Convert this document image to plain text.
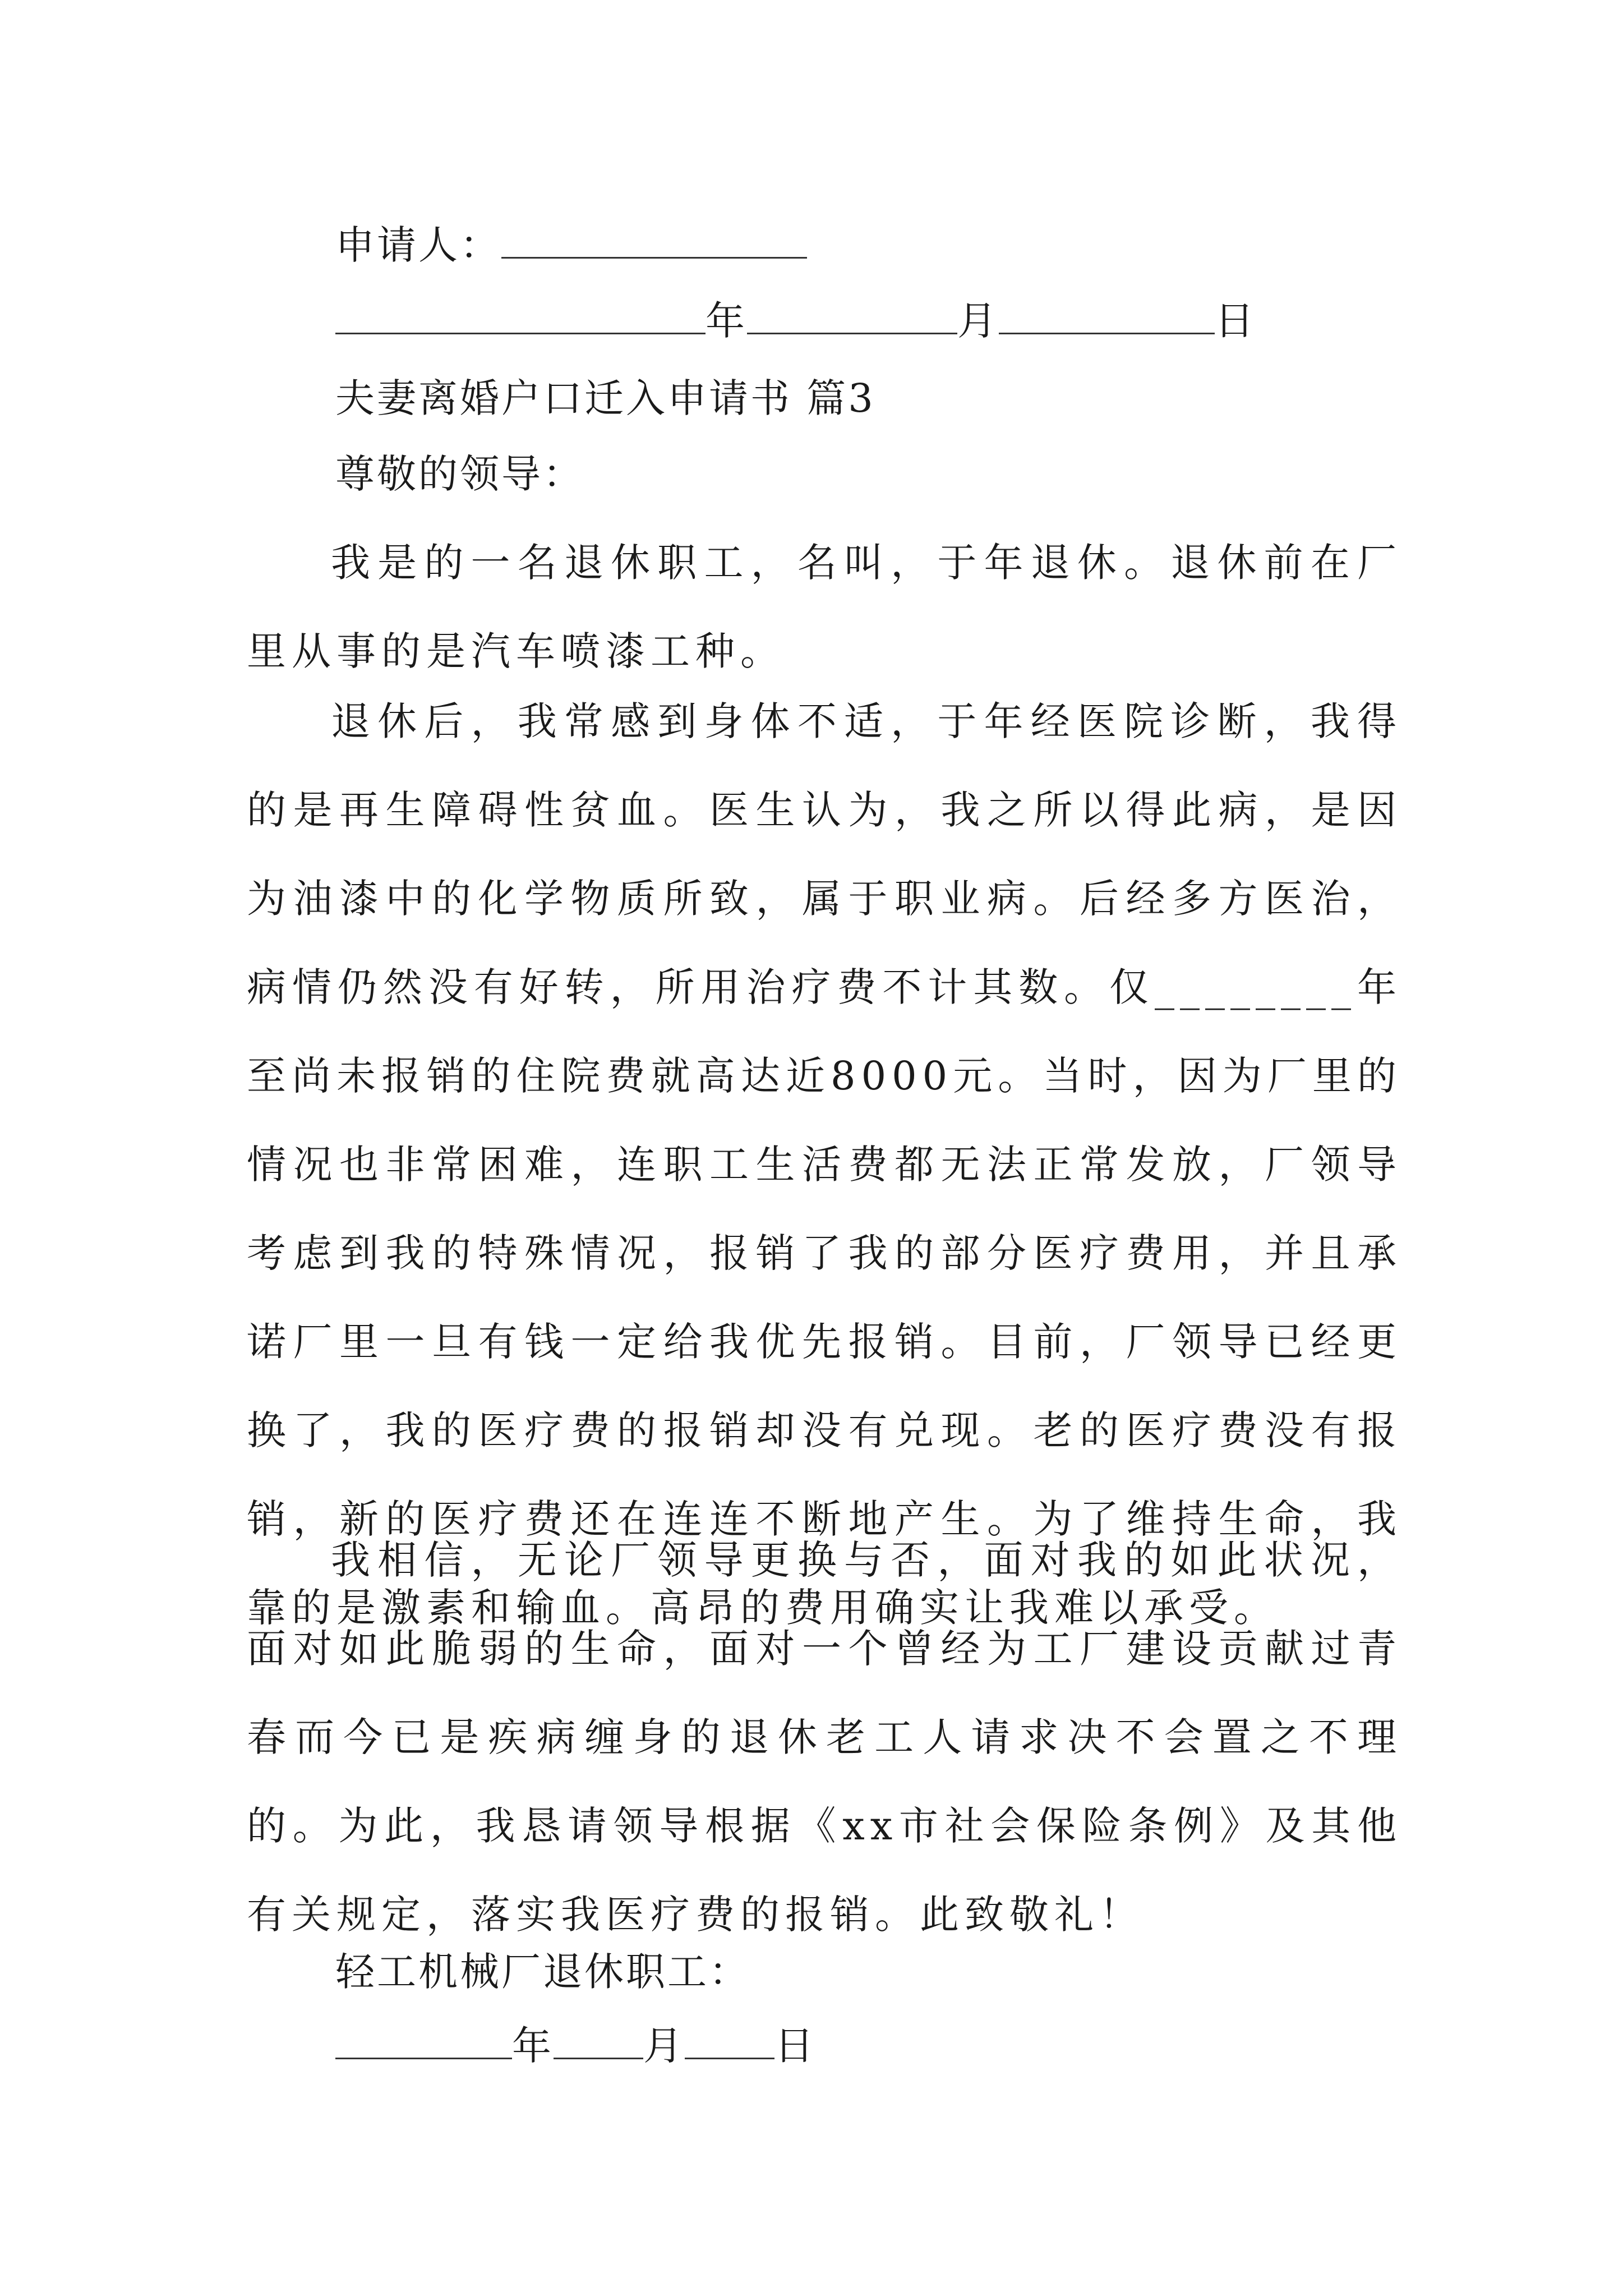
申请人：
年	月	日
夫妻离婚户口迁入申请书 篇3
尊敬的领导：

我是的一名退休职工，名叫，于年退休。退休前在厂里从事的是汽车喷漆工种。

退休后，我常感到身体不适，于年经医院诊断，我得的是再生障碍性贫血。医生认为，我之所以得此病，是因为油漆中的化学物质所致，属于职业病。后经多方医治，病情仍然没有好转，所用治疗费不计其数。仅________年至尚未报销的住院费就高达近8000元。当时，因为厂里的情况也非常困难，连职工生活费都无法正常发放，厂领导考虑到我的特殊情况，报销了我的部分医疗费用，并且承诺厂里一旦有钱一定给我优先报销。目前，厂领导已经更换了，我的医疗费的报销却没有兑现。老的医疗费没有报销，新的医疗费还在连连不断地产生。为了维持生命，我靠的是激素和输血。高昂的费用确实让我难以承受。

我相信，无论厂领导更换与否，面对我的如此状况，面对如此脆弱的生命，面对一个曾经为工厂建设贡献过青春而今已是疾病缠身的退休老工人请求决不会置之不理的。为此，我恳请领导根据《xx市社会保险条例》及其他有关规定，落实我医疗费的报销。此致敬礼！

轻工机械厂退休职工：
年 月 日
